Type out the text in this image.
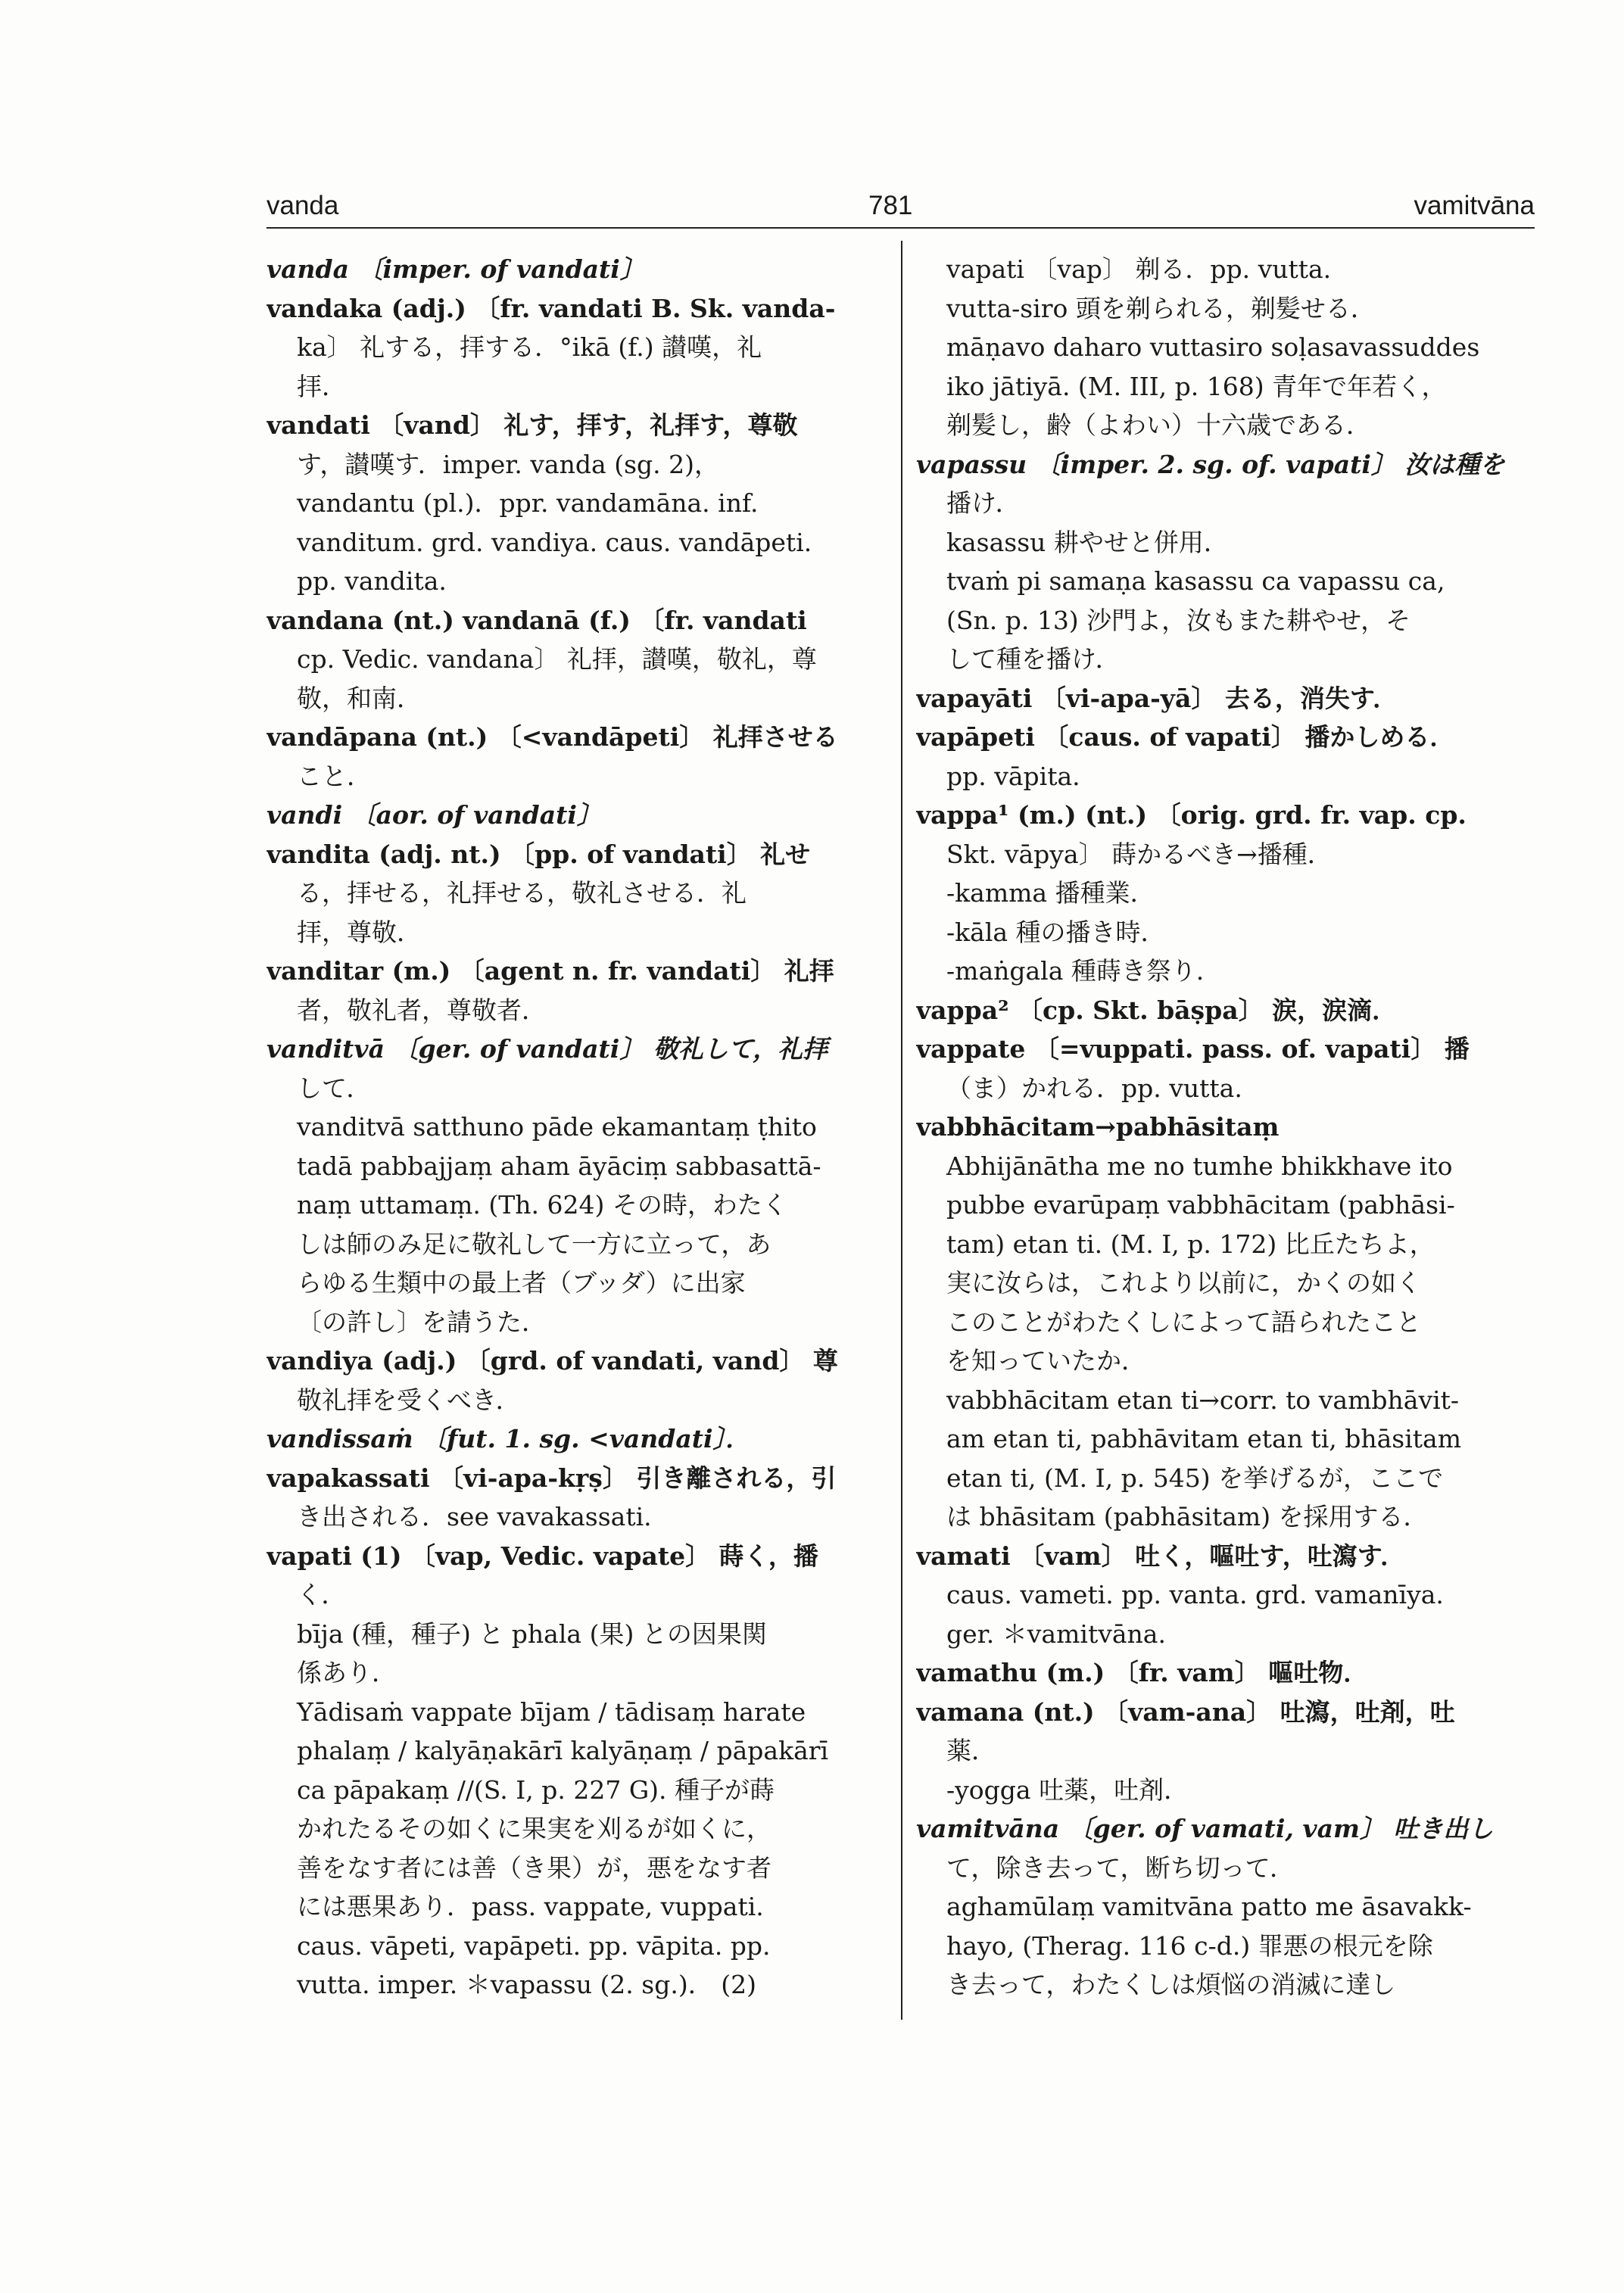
vanda	781	vamitvāna
vanda 〔imper. of vandati〕
vandaka (adj.) 〔fr. vandati B. Sk. vanda-
ka〕 礼する，拝する．°ikā (f.) 讃嘆，礼
拝．
vandati 〔vand〕 礼す，拝す，礼拝す，尊敬
す，讃嘆す．imper. vanda (sg. 2)，
vandantu (pl.)．ppr. vandamāna. inf.
vanditum. grd. vandiya. caus. vandāpeti.
pp. vandita.
vandana (nt.) vandanā (f.) 〔fr. vandati
cp. Vedic. vandana〕 礼拝，讃嘆，敬礼，尊
敬，和南．
vandāpana (nt.) 〔<vandāpeti〕 礼拝させる
こと．
vandi 〔aor. of vandati〕
vandita (adj. nt.) 〔pp. of vandati〕 礼せ
る，拝せる，礼拝せる，敬礼させる．礼
拝，尊敬．
vanditar (m.) 〔agent n. fr. vandati〕 礼拝
者，敬礼者，尊敬者．
vanditvā 〔ger. of vandati〕 敬礼して，礼拝
して．
vanditvā satthuno pāde ekamantaṃ ṭhito
tadā pabbajjaṃ aham āyāciṃ sabbasattā-
naṃ uttamaṃ. (Th. 624) その時，わたく
しは師のみ足に敬礼して一方に立って，あ
らゆる生類中の最上者（ブッダ）に出家
〔の許し〕を請うた．
vandiya (adj.) 〔grd. of vandati, vand〕 尊
敬礼拝を受くべき．
vandissaṁ 〔fut. 1. sg. <vandati〕．
vapakassati 〔vi-apa-kṛṣ〕 引き離される，引
き出される．see vavakassati.
vapati (1) 〔vap, Vedic. vapate〕 蒔く，播
く．
bīja (種，種子) と phala (果) との因果関
係あり．
Yādisaṁ vappate bījam / tādisaṃ harate
phalaṃ / kalyāṇakārī kalyāṇaṃ / pāpakārī
ca pāpakaṃ //(S. I, p. 227 G). 種子が蒔
かれたるその如くに果実を刈るが如くに，
善をなす者には善（き果）が，悪をなす者
には悪果あり．pass. vappate, vuppati.
caus. vāpeti, vapāpeti. pp. vāpita. pp.
vutta. imper. ＊vapassu (2. sg.)． (2)
vapati 〔vap〕 剃る．pp. vutta.
vutta-siro 頭を剃られる，剃髪せる．
māṇavo daharo vuttasiro soḷasavassuddes
iko jātiyā. (M. III, p. 168) 青年で年若く，
剃髪し，齢（よわい）十六歳である．
vapassu 〔imper. 2. sg. of. vapati〕 汝は種を
播け．
kasassu 耕やせと併用．
tvaṁ pi samaṇa kasassu ca vapassu ca,
(Sn. p. 13) 沙門よ，汝もまた耕やせ，そ
して種を播け．
vapayāti 〔vi-apa-yā〕 去る，消失す．
vapāpeti 〔caus. of vapati〕 播かしめる．
pp. vāpita.
vappa¹ (m.) (nt.) 〔orig. grd. fr. vap. cp.
Skt. vāpya〕 蒔かるべき→播種．
-kamma 播種業．
-kāla 種の播き時．
-maṅgala 種蒔き祭り．
vappa² 〔cp. Skt. bāṣpa〕 涙，涙滴．
vappate 〔=vuppati. pass. of. vapati〕 播
（ま）かれる．pp. vutta.
vabbhācitam→pabhāsitaṃ
Abhijānātha me no tumhe bhikkhave ito
pubbe evarūpaṃ vabbhācitam (pabhāsi-
tam) etan ti. (M. I, p. 172) 比丘たちよ，
実に汝らは，これより以前に，かくの如く
このことがわたくしによって語られたこと
を知っていたか．
vabbhācitam etan ti→corr. to vambhāvit-
am etan ti, pabhāvitam etan ti, bhāsitam
etan ti, (M. I, p. 545) を挙げるが，ここで
は bhāsitam (pabhāsitam) を採用する．
vamati 〔vam〕 吐く，嘔吐す，吐瀉す．
caus. vameti. pp. vanta. grd. vamanīya.
ger. ＊vamitvāna.
vamathu (m.) 〔fr. vam〕 嘔吐物．
vamana (nt.) 〔vam-ana〕 吐瀉，吐剤，吐
薬．
-yogga 吐薬，吐剤．
vamitvāna 〔ger. of vamati, vam〕 吐き出し
て，除き去って，断ち切って．
aghamūlaṃ vamitvāna patto me āsavakk-
hayo, (Therag. 116 c-d.) 罪悪の根元を除
き去って，わたくしは煩悩の消滅に達し
